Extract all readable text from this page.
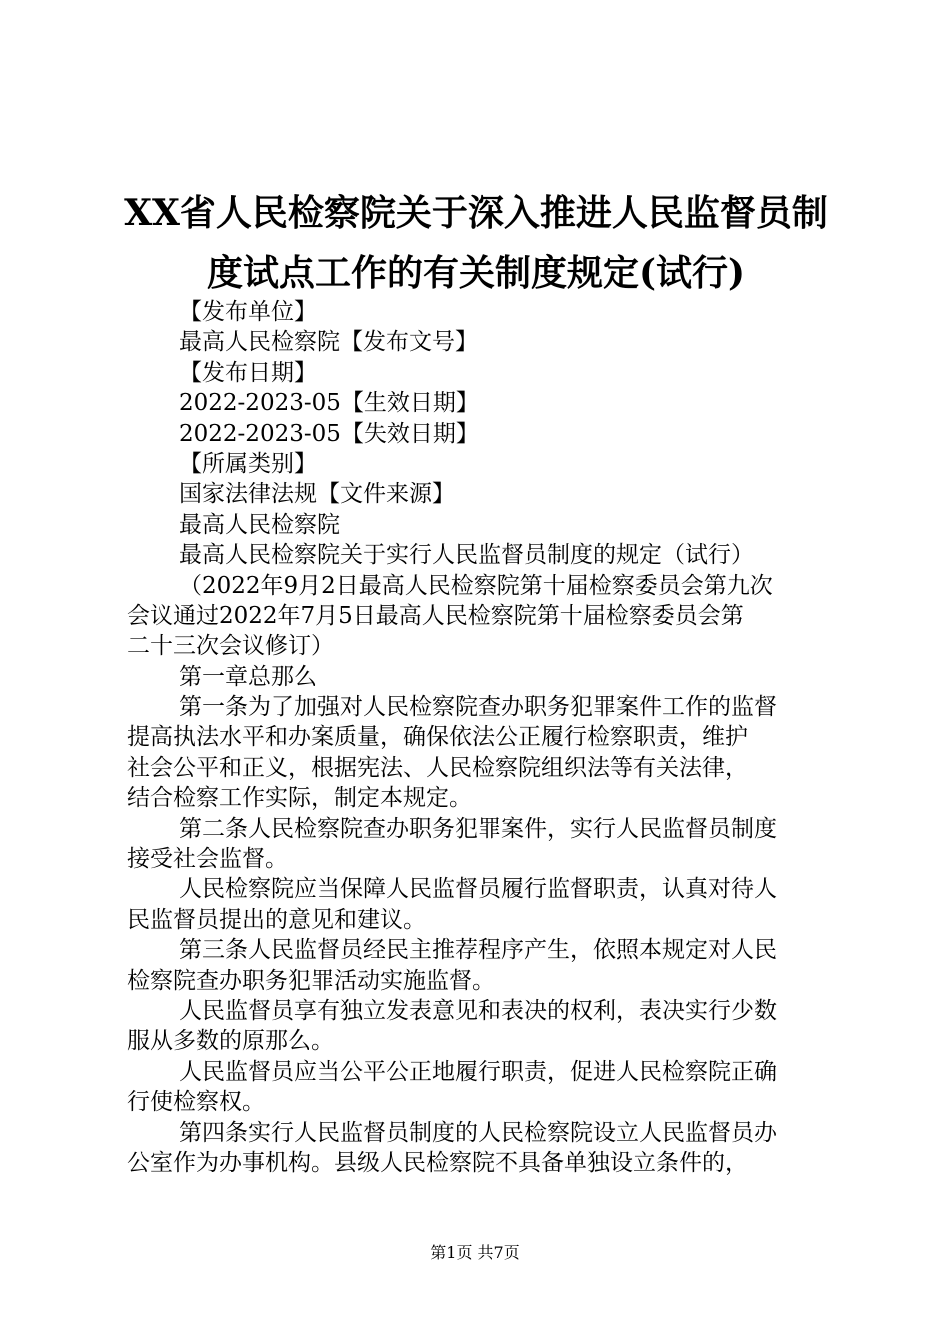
XX省人民检察院关于深入推进人民监督员制
度试点工作的有关制度规定(试行)
【发布单位】
最高人民检察院【发布文号】
【发布日期】
2022-2023-05【生效日期】
2022-2023-05【失效日期】
【所属类别】
国家法律法规【文件来源】
最高人民检察院
最高人民检察院关于实行人民监督员制度的规定（试行）
（2022年9月2日最高人民检察院第十届检察委员会第九次
会议通过2022年7月5日最高人民检察院第十届检察委员会第
二十三次会议修订）
第一章总那么
第一条为了加强对人民检察院查办职务犯罪案件工作的监督
提高执法水平和办案质量，确保依法公正履行检察职责，维护
社会公平和正义，根据宪法、人民检察院组织法等有关法律，
结合检察工作实际，制定本规定。
第二条人民检察院查办职务犯罪案件，实行人民监督员制度
接受社会监督。
人民检察院应当保障人民监督员履行监督职责，认真对待人
民监督员提出的意见和建议。
第三条人民监督员经民主推荐程序产生，依照本规定对人民
检察院查办职务犯罪活动实施监督。
人民监督员享有独立发表意见和表决的权利，表决实行少数
服从多数的原那么。
人民监督员应当公平公正地履行职责，促进人民检察院正确
行使检察权。
第四条实行人民监督员制度的人民检察院设立人民监督员办
公室作为办事机构。县级人民检察院不具备单独设立条件的，
第1页 共7页
